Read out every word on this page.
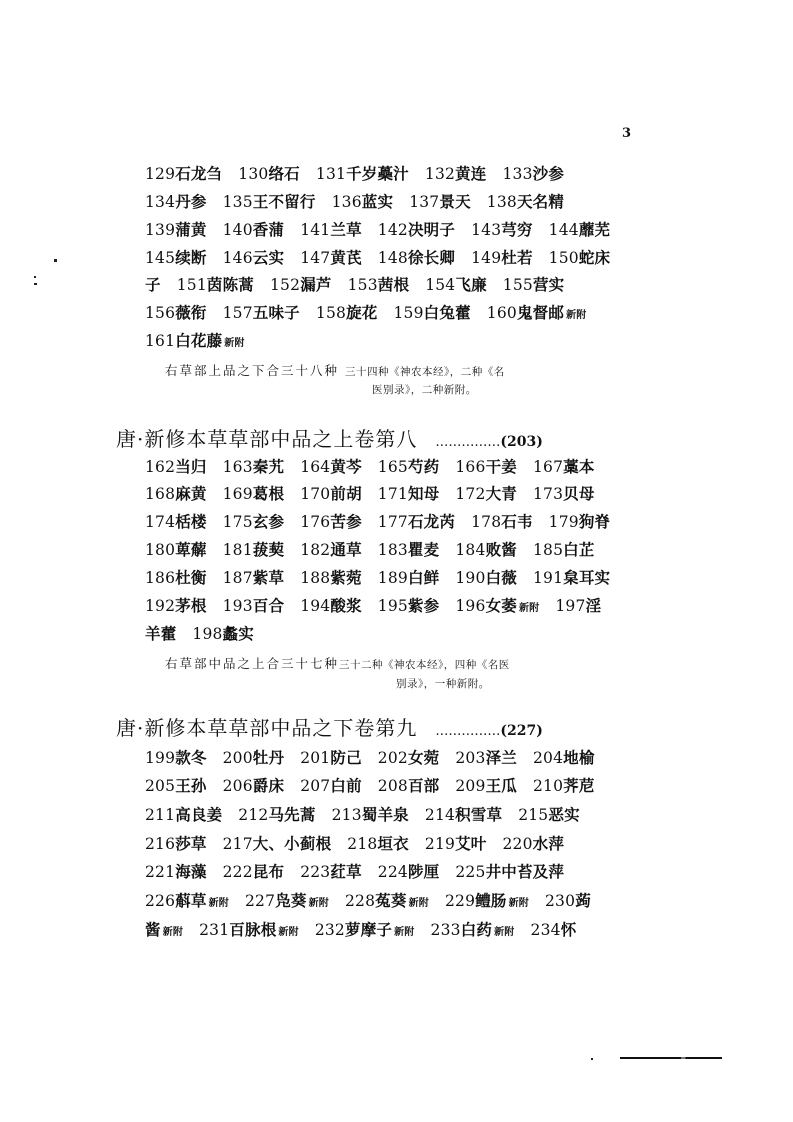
3
129石龙刍 130络石 131千岁蘽汁 132黄连 133沙参
134丹参 135王不留行 136蓝实 137景天 138天名精
139蒲黄 140香蒲 141兰草 142决明子 143芎穷 144蘼芜
145续断 146云实 147黄芪 148徐长卿 149杜若 150蛇床
子 151茵陈蒿 152漏芦 153茜根 154飞廉 155营实
156薇衔 157五味子 158旋花 159白兔藿 160鬼督邮 新附
161白花藤 新附
右草部上品之下合三十八种 三十四种《神农本经》，二种《名
医别录》，二种新附。
唐·新修本草草部中品之上卷第八 ……………(203)
162当归 163秦艽 164黄芩 165芍药 166干姜 167藁本
168麻黄 169葛根 170前胡 171知母 172大青 173贝母
174栝楼 175玄参 176苦参 177石龙芮 178石韦 179狗脊
180萆薢 181菝葜 182通草 183瞿麦 184败酱 185白芷
186杜衡 187紫草 188紫菀 189白鲜 190白薇 191枲耳实
192茅根 193百合 194酸浆 195紫参 196女萎 新附 197淫
羊藿 198蠡实
右草部中品之上合三十七种三十二种《神农本经》，四种《名医
别录》，一种新附。
唐·新修本草草部中品之下卷第九 ……………(227)
199款冬 200牡丹 201防己 202女菀 203泽兰 204地榆
205王孙 206爵床 207白前 208百部 209王瓜 210荠苨
211高良姜 212马先蒿 213蜀羊泉 214积雪草 215恶实
216莎草 217大、小蓟根 218垣衣 219艾叶 220水萍
221海藻 222昆布 223荭草 224陟厘 225井中苔及萍
226蔛草 新附 227凫葵 新附 228菟葵 新附 229鳢肠 新附 230蒟
酱新附 231百脉根 新附 232萝摩子 新附 233白药 新附 234怀
